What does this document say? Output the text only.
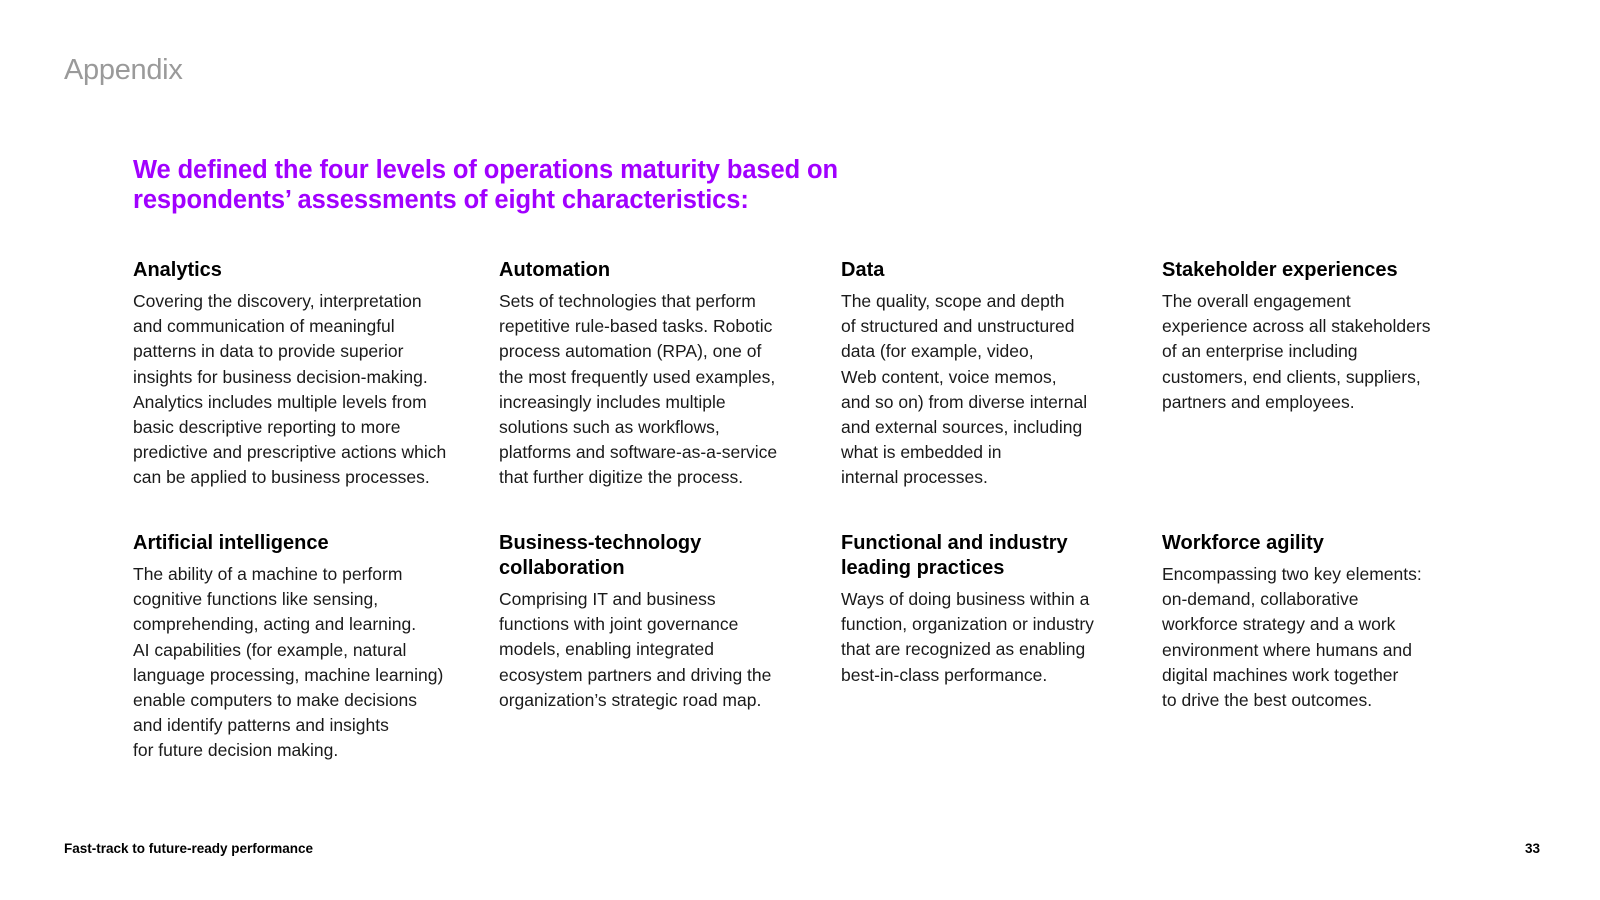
Appendix
We defined the four levels of operations maturity based on respondents’ assessments of eight characteristics:
Analytics

Covering the discovery, interpretation
and communication of meaningful
patterns in data to provide superior
insights for business decision-making.
Analytics includes multiple levels from
basic descriptive reporting to more
predictive and prescriptive actions which
can be applied to business processes.

Automation

Sets of technologies that perform
repetitive rule-based tasks. Robotic
process automation (RPA), one of
the most frequently used examples,
increasingly includes multiple
solutions such as workflows,
platforms and software-as-a-service
that further digitize the process.

Data

The quality, scope and depth
of structured and unstructured
data (for example, video,
Web content, voice memos,
and so on) from diverse internal
and external sources, including
what is embedded in
internal processes.

Stakeholder experiences

The overall engagement
experience across all stakeholders
of an enterprise including
customers, end clients, suppliers,
partners and employees.

Artificial intelligence

The ability of a machine to perform
cognitive functions like sensing,
comprehending, acting and learning.
AI capabilities (for example, natural
language processing, machine learning)
enable computers to make decisions
and identify patterns and insights
for future decision making.

Business-technology
collaboration

Comprising IT and business
functions with joint governance
models, enabling integrated
ecosystem partners and driving the
organization’s strategic road map.

Functional and industry
leading practices

Ways of doing business within a
function, organization or industry
that are recognized as enabling
best-in-class performance.

Workforce agility

Encompassing two key elements:
on-demand, collaborative
workforce strategy and a work
environment where humans and
digital machines work together
to drive the best outcomes.

Fast-track to future-ready performance	33
